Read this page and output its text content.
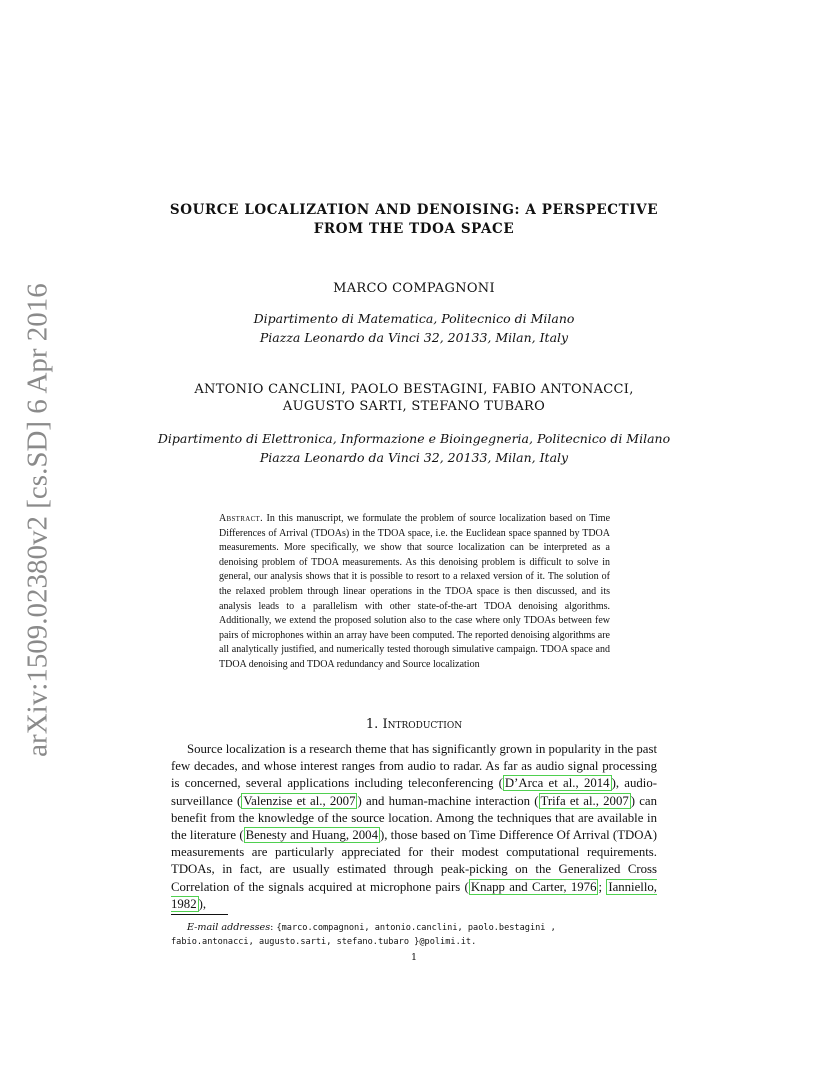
arXiv:1509.02380v2 [cs.SD] 6 Apr 2016
SOURCE LOCALIZATION AND DENOISING: A PERSPECTIVE
FROM THE TDOA SPACE
MARCO COMPAGNONI
Dipartimento di Matematica, Politecnico di Milano
Piazza Leonardo da Vinci 32, 20133, Milan, Italy
ANTONIO CANCLINI, PAOLO BESTAGINI, FABIO ANTONACCI,
AUGUSTO SARTI, STEFANO TUBARO
Dipartimento di Elettronica, Informazione e Bioingegneria, Politecnico di Milano
Piazza Leonardo da Vinci 32, 20133, Milan, Italy
Abstract. In this manuscript, we formulate the problem of source localization based on Time Differences of Arrival (TDOAs) in the TDOA space, i.e. the Euclidean space spanned by TDOA measurements. More specifically, we show that source localization can be interpreted as a denoising problem of TDOA measurements. As this denoising problem is difficult to solve in general, our analysis shows that it is possible to resort to a relaxed version of it. The solution of the relaxed problem through linear operations in the TDOA space is then discussed, and its analysis leads to a parallelism with other state-of-the-art TDOA denoising algorithms. Additionally, we extend the proposed solution also to the case where only TDOAs between few pairs of microphones within an array have been computed. The reported denoising algorithms are all analytically justified, and numerically tested thorough simulative campaign. TDOA space and TDOA denoising and TDOA redundancy and Source localization
1. Introduction

Source localization is a research theme that has significantly grown in popularity in the past few decades, and whose interest ranges from audio to radar. As far as audio signal processing is concerned, several applications including teleconferencing ( D’Arca et al., 2014 ), audio-surveillance ( Valenzise et al., 2007 ) and human-machine interaction ( Trifa et al., 2007 ) can benefit from the knowledge of the source location. Among the techniques that are available in the literature ( Benesty and Huang, 2004 ), those based on Time Difference Of Arrival (TDOA) measurements are particularly appreciated for their modest computational requirements. TDOAs, in fact, are usually estimated through peak-picking on the Generalized Cross Correlation of the signals acquired at microphone pairs ( Knapp and Carter, 1976 ; Ianniello, 1982 ),

E-mail addresses: {marco.compagnoni, antonio.canclini, paolo.bestagini ,
fabio.antonacci, augusto.sarti, stefano.tubaro }@polimi.it.
1
